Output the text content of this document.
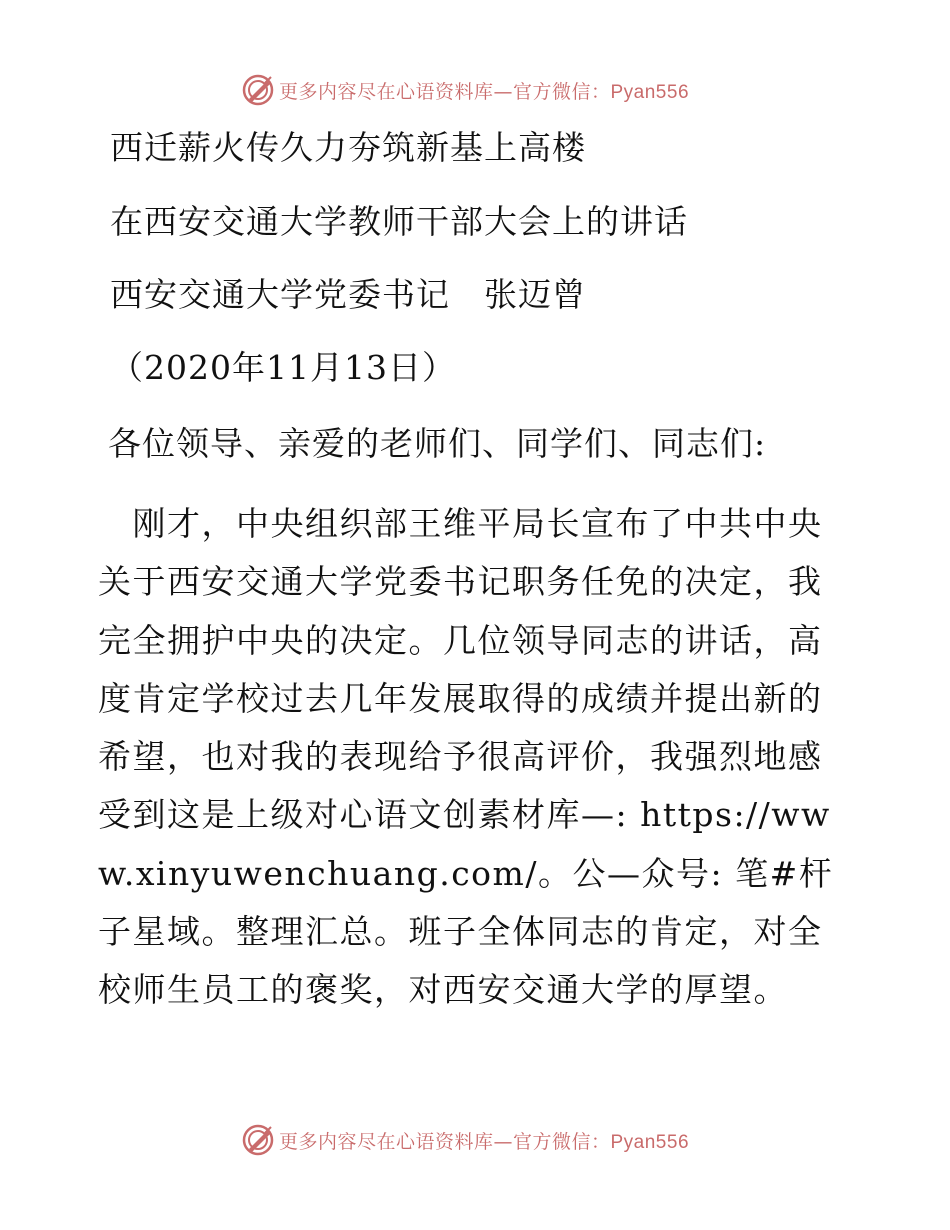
更多内容尽在心语资料库—官方微信：Pyan556
西迁薪火传久力夯筑新基上高楼
在西安交通大学教师干部大会上的讲话
西安交通大学党委书记　张迈曾
（2020年11月13日）
各位领导、亲爱的老师们、同学们、同志们:
　刚才，中央组织部王维平局长宣布了中共中央关于西安交通大学党委书记职务任免的决定，我完全拥护中央的决定。几位领导同志的讲话，高度肯定学校过去几年发展取得的成绩并提出新的希望，也对我的表现给予很高评价，我强烈地感受到这是上级对心语文创素材库—: https://www.xinyuwenchuang.com/。公—众号: 笔#杆子星域。整理汇总。班子全体同志的肯定，对全校师生员工的褒奖，对西安交通大学的厚望。
更多内容尽在心语资料库—官方微信：Pyan556
